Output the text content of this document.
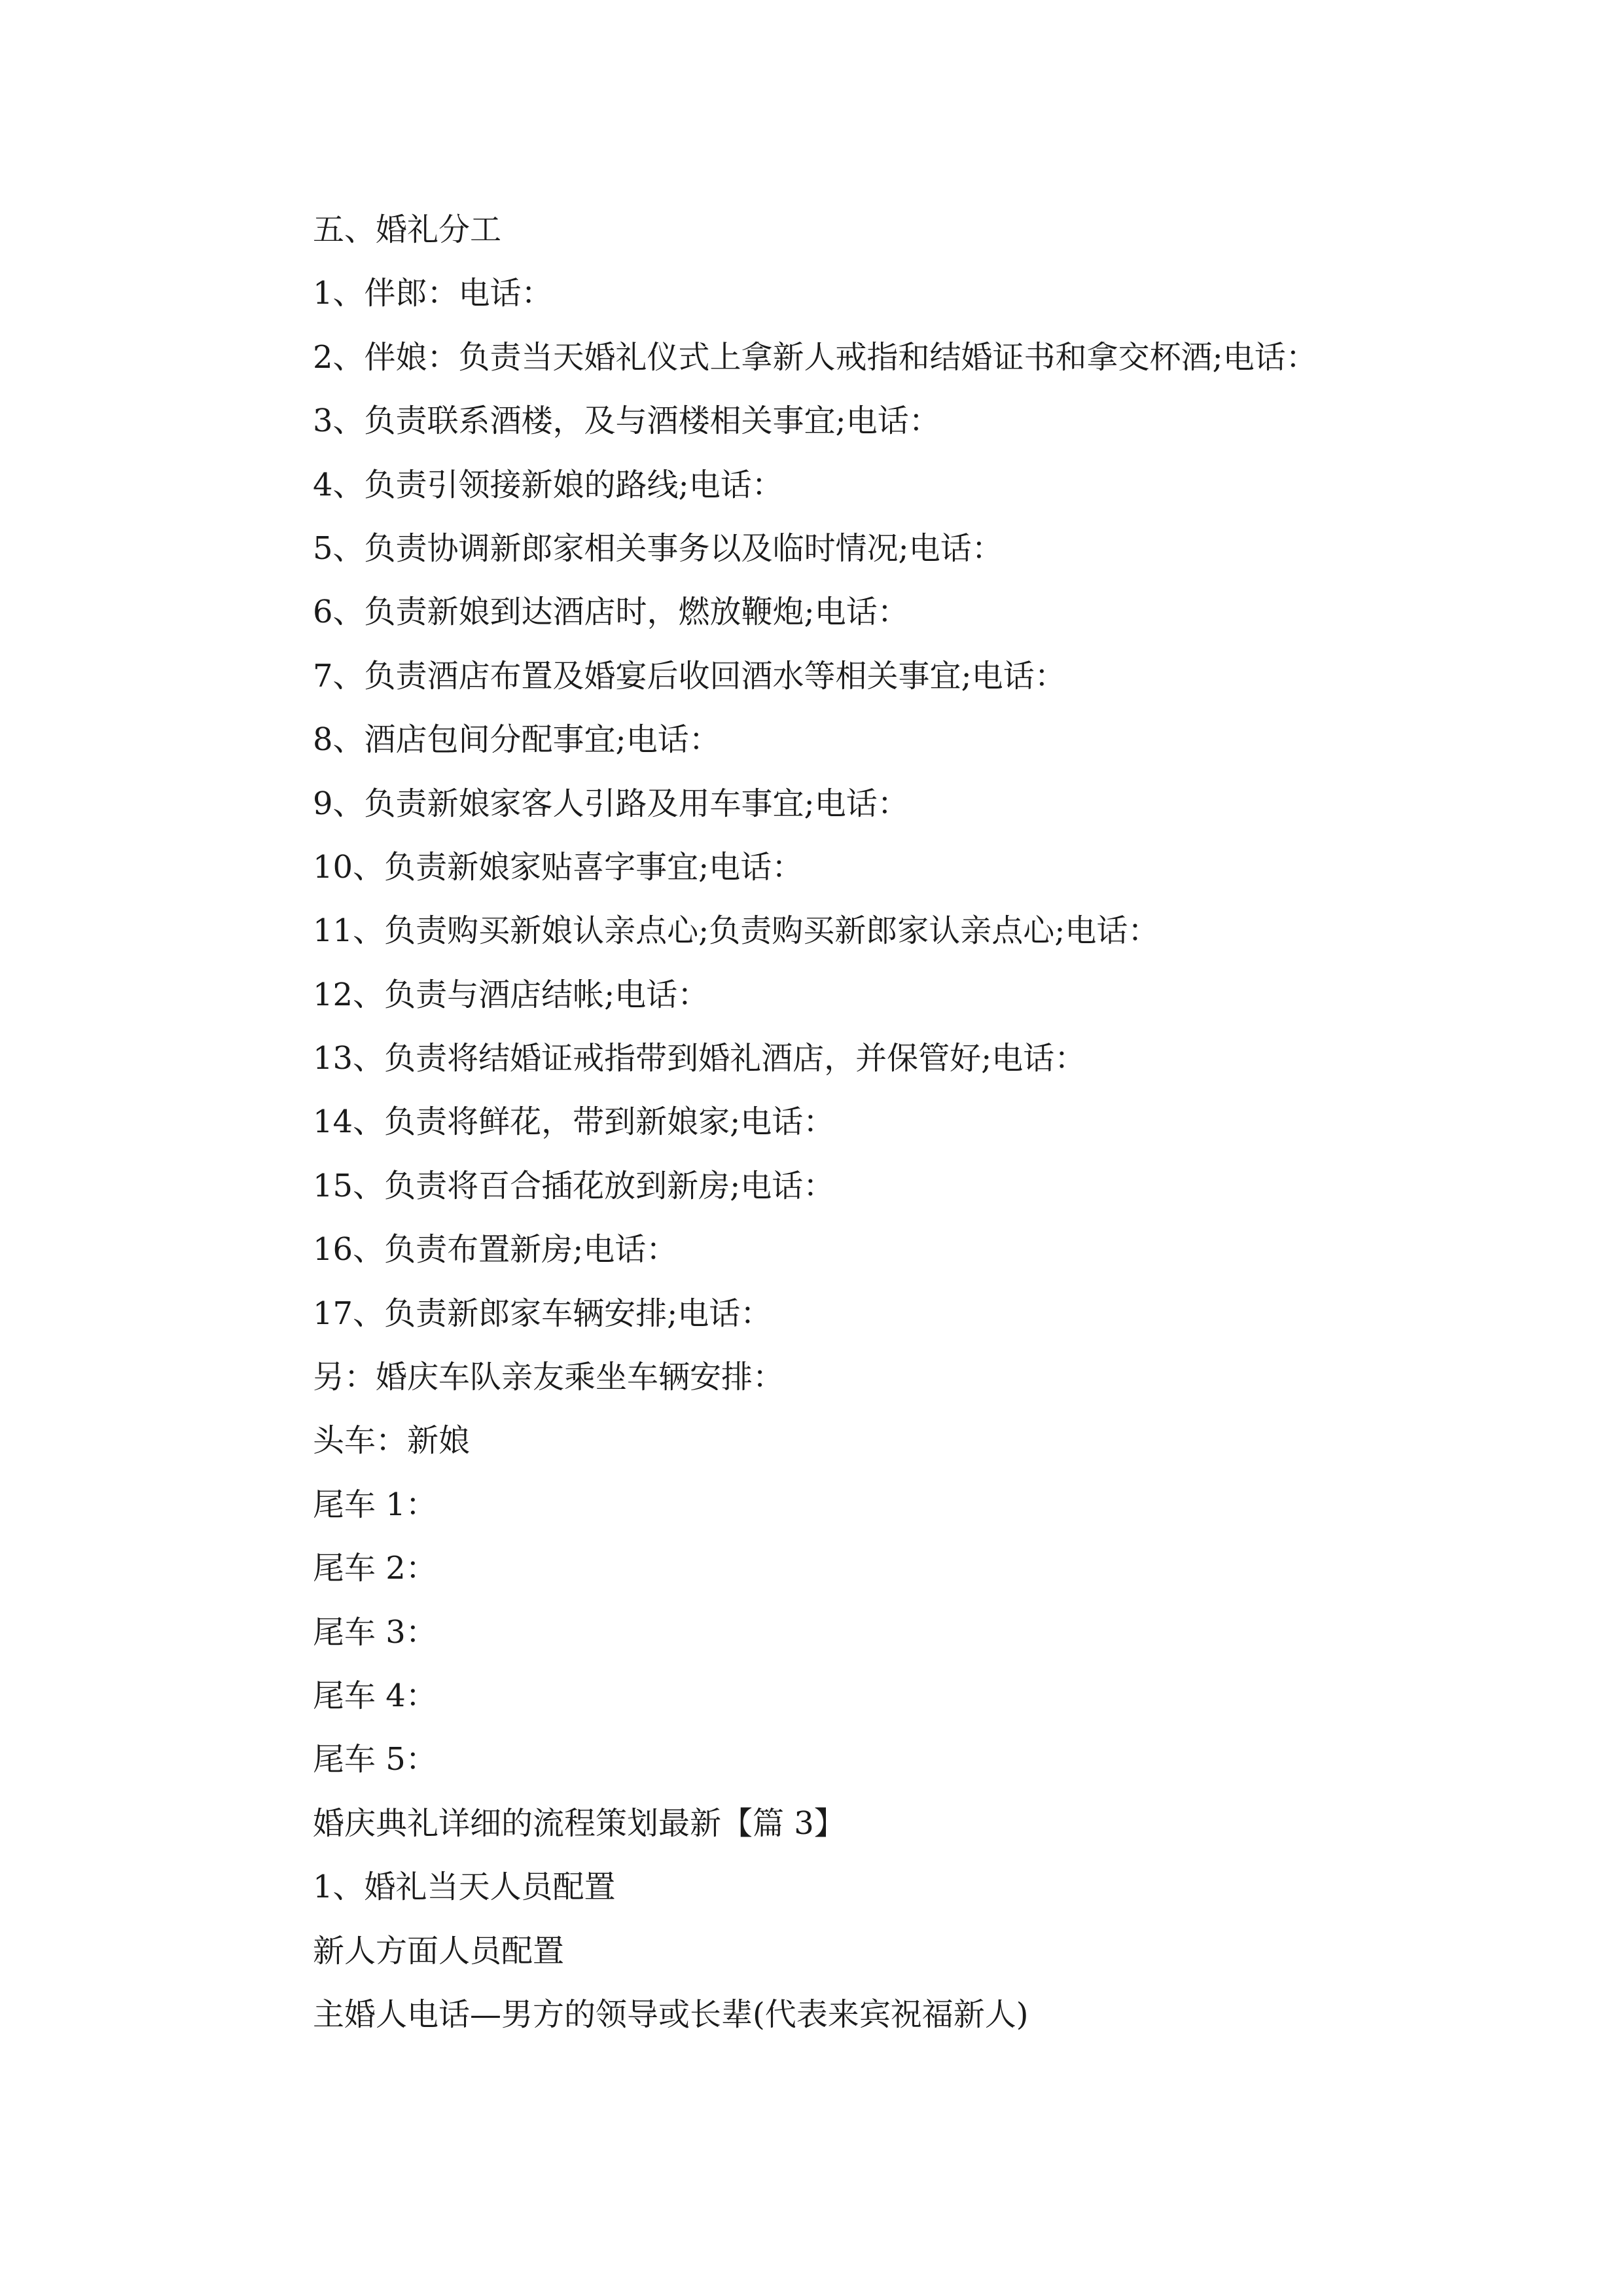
五、婚礼分工
1、伴郎：电话：
2、伴娘：负责当天婚礼仪式上拿新人戒指和结婚证书和拿交杯酒;电话：
3、负责联系酒楼，及与酒楼相关事宜;电话：
4、负责引领接新娘的路线;电话：
5、负责协调新郎家相关事务以及临时情况;电话：
6、负责新娘到达酒店时，燃放鞭炮;电话：
7、负责酒店布置及婚宴后收回酒水等相关事宜;电话：
8、酒店包间分配事宜;电话：
9、负责新娘家客人引路及用车事宜;电话：
10、负责新娘家贴喜字事宜;电话：
11、负责购买新娘认亲点心;负责购买新郎家认亲点心;电话：
12、负责与酒店结帐;电话：
13、负责将结婚证戒指带到婚礼酒店，并保管好;电话：
14、负责将鲜花，带到新娘家;电话：
15、负责将百合插花放到新房;电话：
16、负责布置新房;电话：
17、负责新郎家车辆安排;电话：
另：婚庆车队亲友乘坐车辆安排：
头车：新娘
尾车 1：
尾车 2：
尾车 3：
尾车 4：
尾车 5：
婚庆典礼详细的流程策划最新【篇 3】
1、婚礼当天人员配置
新人方面人员配置
主婚人电话—男方的领导或长辈(代表来宾祝福新人)
